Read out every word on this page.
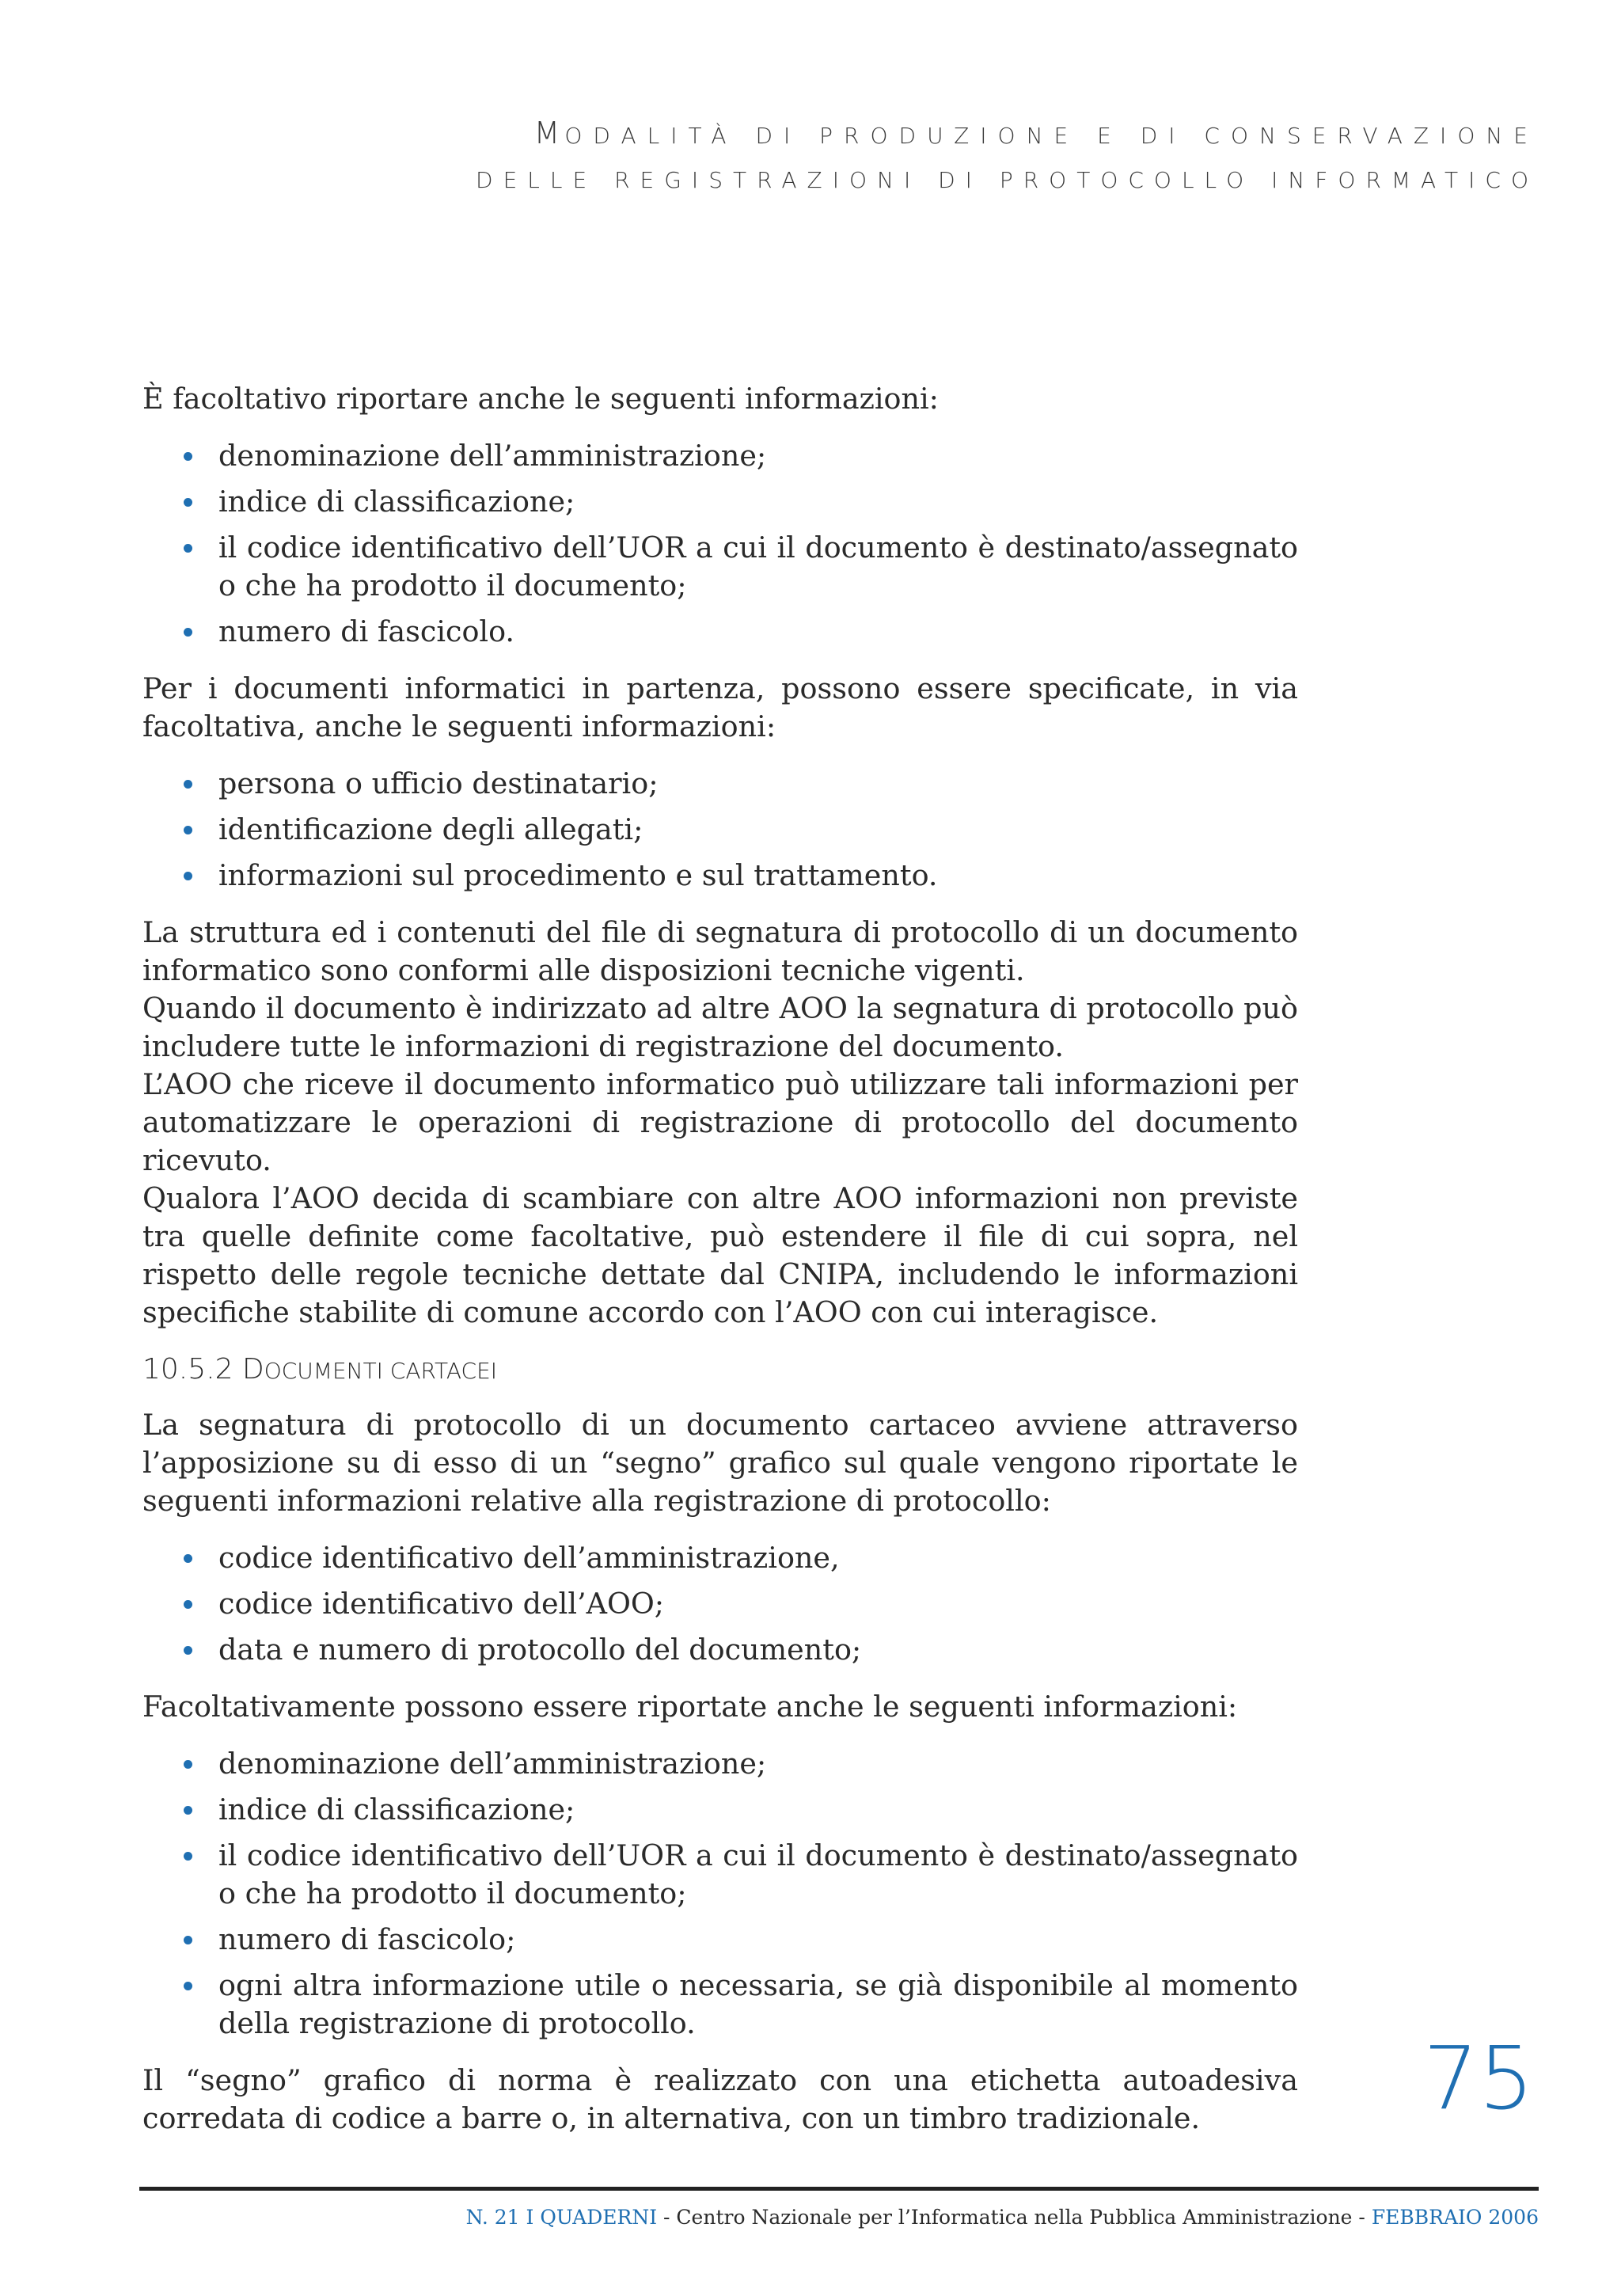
MODALITÀ DI PRODUZIONE E DI CONSERVAZIONE
DELLE REGISTRAZIONI DI PROTOCOLLO INFORMATICO

È facoltativo riportare anche le seguenti informazioni:

denominazione dell’amministrazione;
indice di classificazione;
il codice identificativo dell’UOR a cui il documento è destinato/assegnato o che ha prodotto il documento;
numero di fascicolo.

Per i documenti informatici in partenza, possono essere specificate, in via facoltativa, anche le seguenti informazioni:

persona o ufficio destinatario;
identificazione degli allegati;
informazioni sul procedimento e sul trattamento.

La struttura ed i contenuti del file di segnatura di protocollo di un documento informatico sono conformi alle disposizioni tecniche vigenti.

Quando il documento è indirizzato ad altre AOO la segnatura di protocollo può includere tutte le informazioni di registrazione del documento.

L’AOO che riceve il documento informatico può utilizzare tali informazioni per automatizzare le operazioni di registrazione di protocollo del documento ricevuto.

Qualora l’AOO decida di scambiare con altre AOO informazioni non previste tra quelle definite come facoltative, può estendere il file di cui sopra, nel rispetto delle regole tecniche dettate dal CNIPA, includendo le informazioni specifiche stabilite di comune accordo con l’AOO con cui interagisce.

10.5.2 DOCUMENTI CARTACEI

La segnatura di protocollo di un documento cartaceo avviene attraverso l’apposizione su di esso di un “segno” grafico sul quale vengono riportate le seguenti informazioni relative alla registrazione di protocollo:

codice identificativo dell’amministrazione,
codice identificativo dell’AOO;
data e numero di protocollo del documento;

Facoltativamente possono essere riportate anche le seguenti informazioni:

denominazione dell’amministrazione;
indice di classificazione;
il codice identificativo dell’UOR a cui il documento è destinato/assegnato o che ha prodotto il documento;
numero di fascicolo;
ogni altra informazione utile o necessaria, se già disponibile al momento della registrazione di protocollo.

Il “segno” grafico di norma è realizzato con una etichetta autoadesiva corredata di codice a barre o, in alternativa, con un timbro tradizionale.	75
N. 21 I QUADERNI - Centro Nazionale per l’Informatica nella Pubblica Amministrazione - FEBBRAIO 2006
